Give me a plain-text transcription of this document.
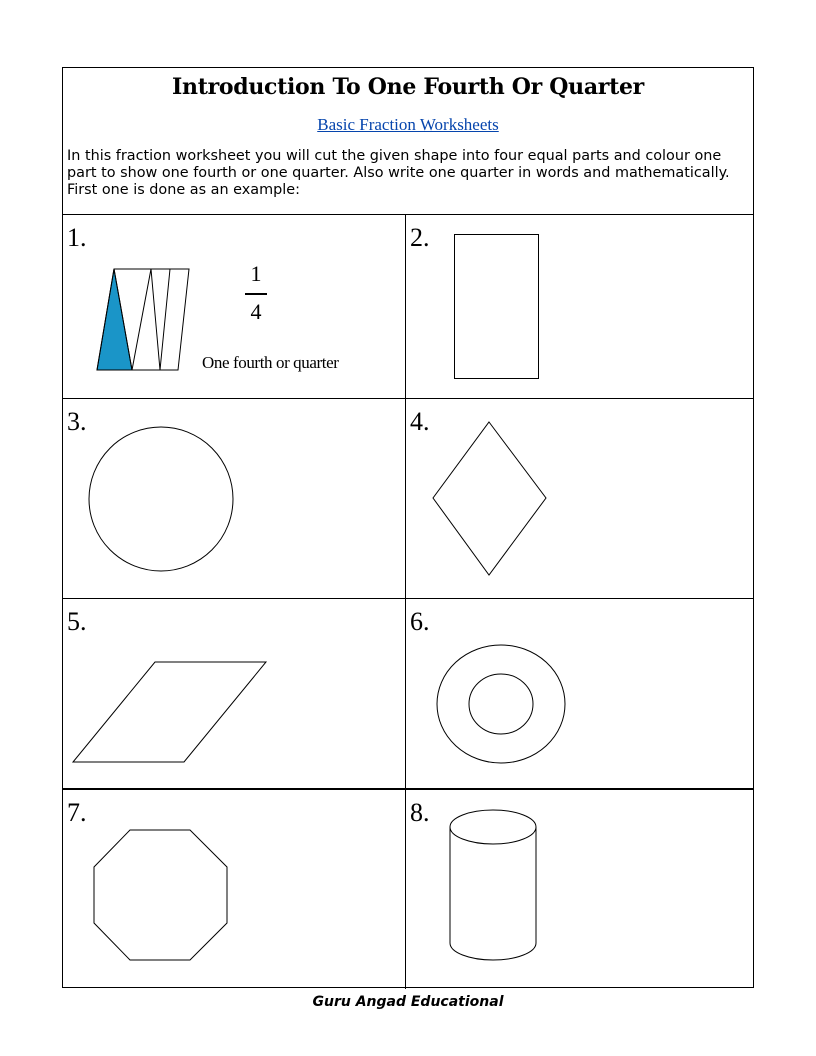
Introduction To One Fourth Or Quarter
Basic Fraction Worksheets
In this fraction worksheet you will cut the given shape into four equal parts and colour one part to show one fourth or one quarter. Also write one quarter in words and mathematically. First one is done as an example:
1.
1
4
One fourth or quarter
2.
3.	4.
5.	6.
7.	8.
Guru Angad Educational
